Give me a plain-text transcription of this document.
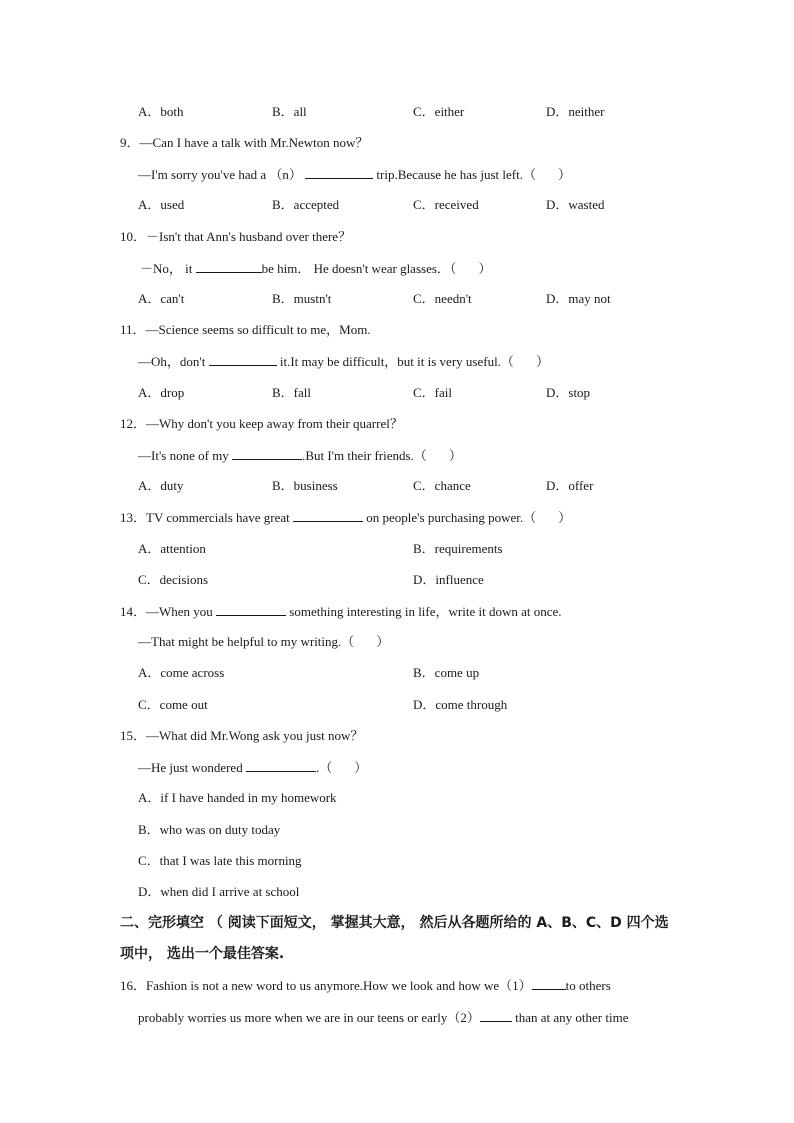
A．both	B．all	C．either	D．neither
9．—Can I have a talk with Mr.Newton now？
—I'm sorry you've had a （n）	trip.Because he has just left.（ ）
A．used	B．accepted	C．received	D．wasted
10．－Isn't that Ann's husband over there？
－No， it	be him． He doesn't wear glasses．（ ）
A．can't	B．mustn't	C．needn't	D．may not
11．—Science seems so difficult to me，Mom.
—Oh，don't	it.It may be difficult，but it is very useful.（ ）
A．drop	B．fall	C．fail	D．stop
12．—Why don't you keep away from their quarrel？
—It's none of my	.But I'm their friends.（ ）
A．duty	B．business	C．chance	D．offer
13．TV commercials have great	on people's purchasing power.（ ）
A．attention	B．requirements
C．decisions	D．influence
14．—When you	something interesting in life，write it down at once.
—That might be helpful to my writing.（ ）
A．come across	B．come up
C．come out	D．come through
15．—What did Mr.Wong ask you just now？
—He just wondered	.（ ）
A．if I have handed in my homework
B．who was on duty today
C．that I was late this morning
D．when did I arrive at school
二、完形填空 （ 阅读下面短文， 掌握其大意， 然后从各题所给的 A、B、C、D 四个选
项中， 选出一个最佳答案.
16．Fashion is not a new word to us anymore.How we look and how we（1）	to others
probably worries us more when we are in our teens or early（2） than at any other time
